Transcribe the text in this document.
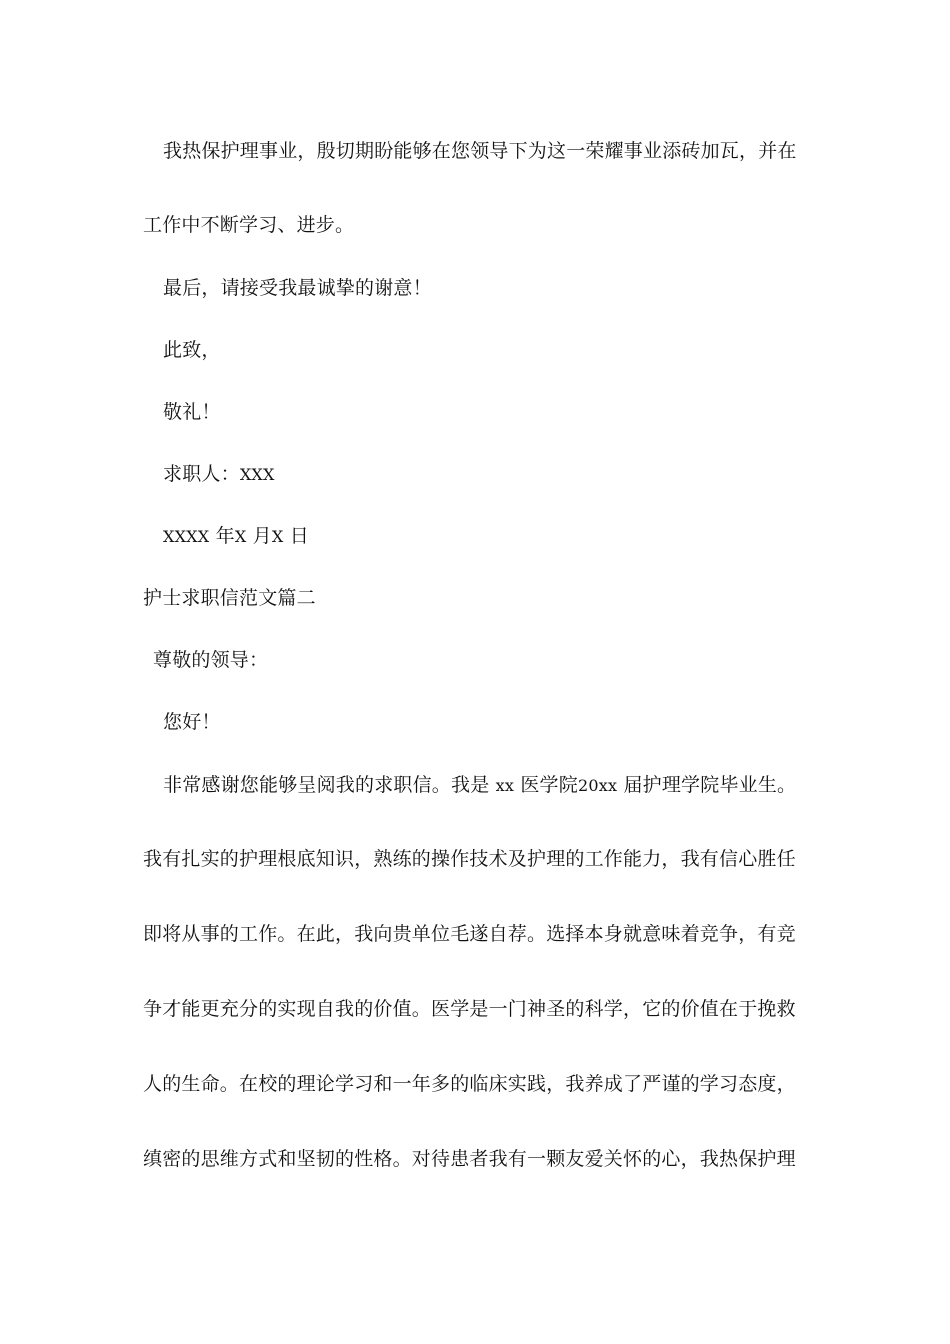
我热保护理事业，殷切期盼能够在您领导下为这一荣耀事业添砖加瓦，并在
工作中不断学习、进步。
最后，请接受我最诚挚的谢意！
此致，
敬礼！
求职人：XXX
XXXX 年X 月X 日
护士求职信范文篇二
尊敬的领导：
您好！
非常感谢您能够呈阅我的求职信。我是 xx 医学院20xx 届护理学院毕业生。
我有扎实的护理根底知识，熟练的操作技术及护理的工作能力，我有信心胜任
即将从事的工作。在此，我向贵单位毛遂自荐。选择本身就意味着竞争，有竞
争才能更充分的实现自我的价值。医学是一门神圣的科学，它的价值在于挽救
人的生命。在校的理论学习和一年多的临床实践，我养成了严谨的学习态度，
缜密的思维方式和坚韧的性格。对待患者我有一颗友爱关怀的心，我热保护理
